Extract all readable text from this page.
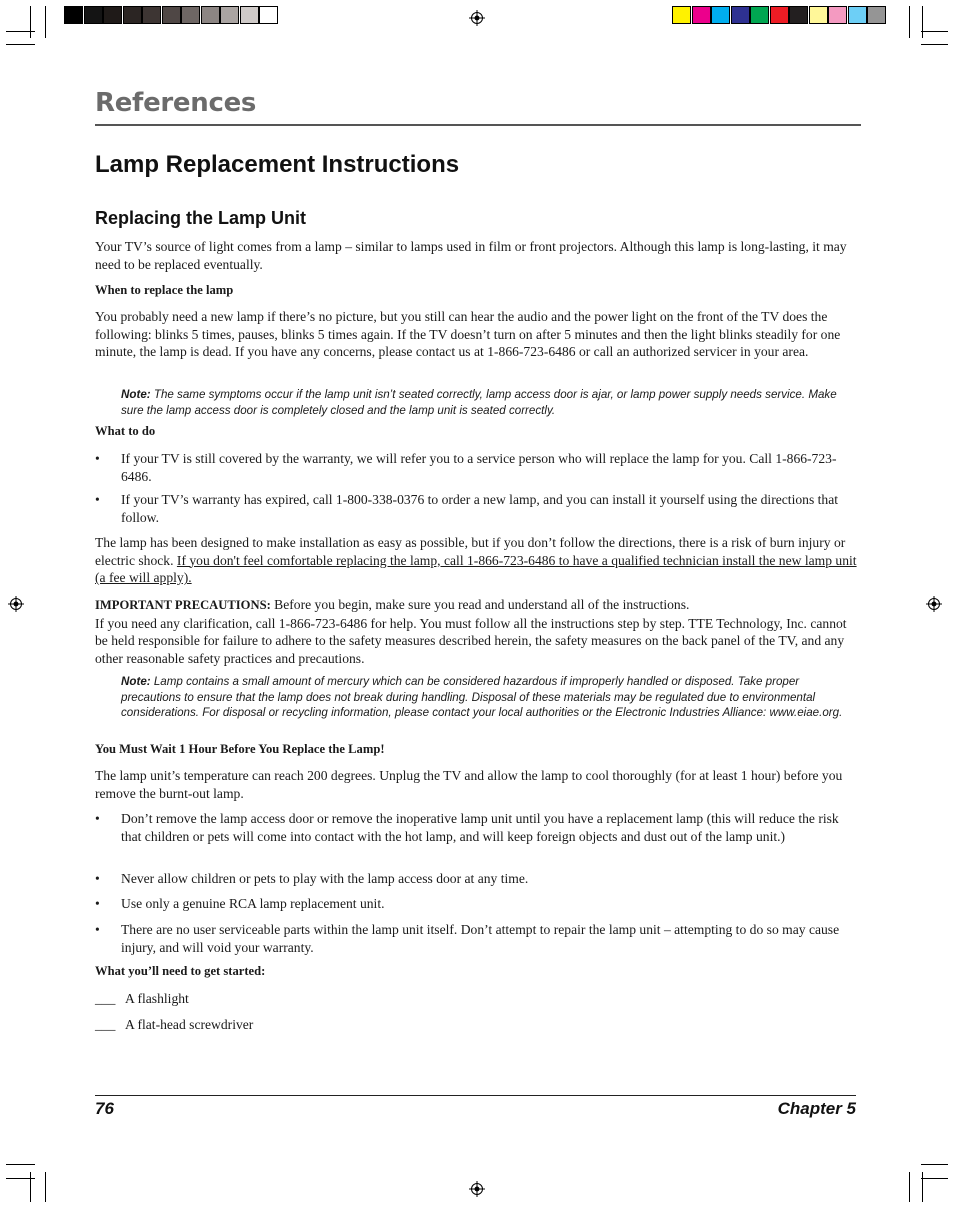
References
Lamp Replacement Instructions
Replacing the Lamp Unit

Your TV’s source of light comes from a lamp – similar to lamps used in film or front projectors. Although this lamp is long-lasting, it may need to be replaced eventually.

When to replace the lamp

You probably need a new lamp if there’s no picture, but you still can hear the audio and the power light on the front of the TV does the following: blinks 5 times, pauses, blinks 5 times again. If the TV doesn’t turn on after 5 minutes and then the light blinks steadily for one minute, the lamp is dead. If you have any concerns, please contact us at 1-866-723-6486 or call an authorized servicer in your area.

Note: The same symptoms occur if the lamp unit isn’t seated correctly, lamp access door is ajar, or lamp power supply needs service. Make sure the lamp access door is completely closed and the lamp unit is seated correctly.

What to do

• If your TV is still covered by the warranty, we will refer you to a service person who will replace the lamp for you. Call 1-866-723-6486.

• If your TV’s warranty has expired, call 1-800-338-0376 to order a new lamp, and you can install it yourself using the directions that follow.

The lamp has been designed to make installation as easy as possible, but if you don’t follow the directions, there is a risk of burn injury or electric shock. If you don't feel comfortable replacing the lamp, call 1-866-723-6486 to have a qualified technician install the new lamp unit (a fee will apply).

IMPORTANT PRECAUTIONS: Before you begin, make sure you read and understand all of the instructions.
If you need any clarification, call 1-866-723-6486 for help. You must follow all the instructions step by step. TTE Technology, Inc. cannot be held responsible for failure to adhere to the safety measures described herein, the safety measures on the back panel of the TV, and any other reasonable safety practices and precautions.

Note: Lamp contains a small amount of mercury which can be considered hazardous if improperly handled or disposed. Take proper precautions to ensure that the lamp does not break during handling. Disposal of these materials may be regulated due to environmental considerations. For disposal or recycling information, please contact your local authorities or the Electronic Industries Alliance: www.eiae.org.

You Must Wait 1 Hour Before You Replace the Lamp!

The lamp unit’s temperature can reach 200 degrees. Unplug the TV and allow the lamp to cool thoroughly (for at least 1 hour) before you remove the burnt-out lamp.

• Don’t remove the lamp access door or remove the inoperative lamp unit until you have a replacement lamp (this will reduce the risk that children or pets will come into contact with the hot lamp, and will keep foreign objects and dust out of the lamp unit.)

• Never allow children or pets to play with the lamp access door at any time.

• Use only a genuine RCA lamp replacement unit.

• There are no user serviceable parts within the lamp unit itself. Don’t attempt to repair the lamp unit – attempting to do so may cause injury, and will void your warranty.

What you’ll need to get started:

___ A flashlight
___ A flat-head screwdriver

76	Chapter 5
